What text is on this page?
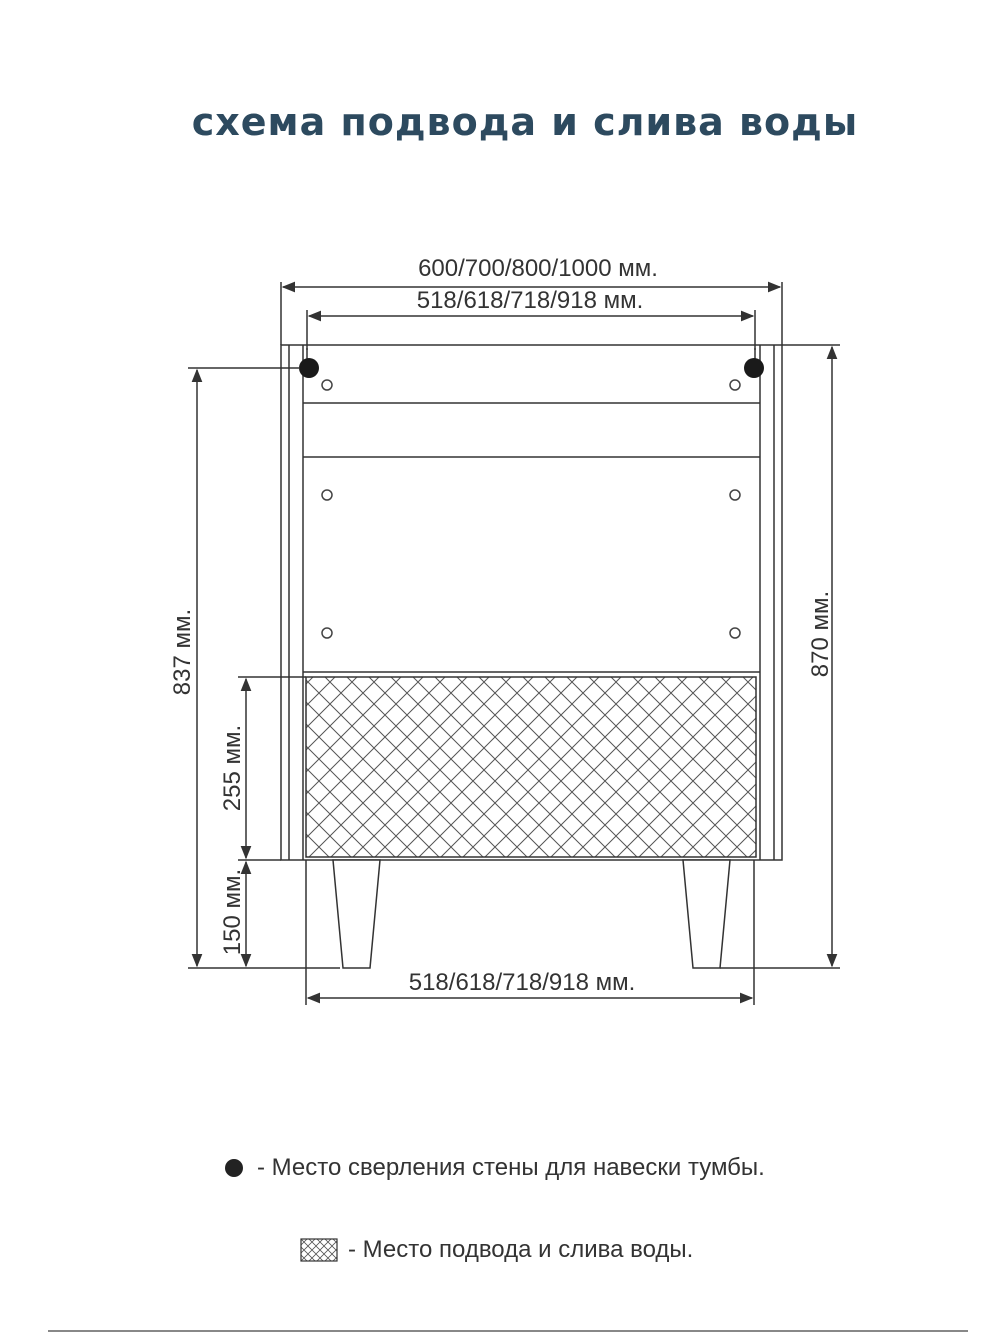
схема подвода и слива воды
600/700/800/1000 мм.
518/618/718/918 мм.
518/618/718/918 мм.
837 мм.
255 мм.
150 мм.
870 мм.
- Место сверления стены для навески тумбы.
- Место подвода и слива воды.
